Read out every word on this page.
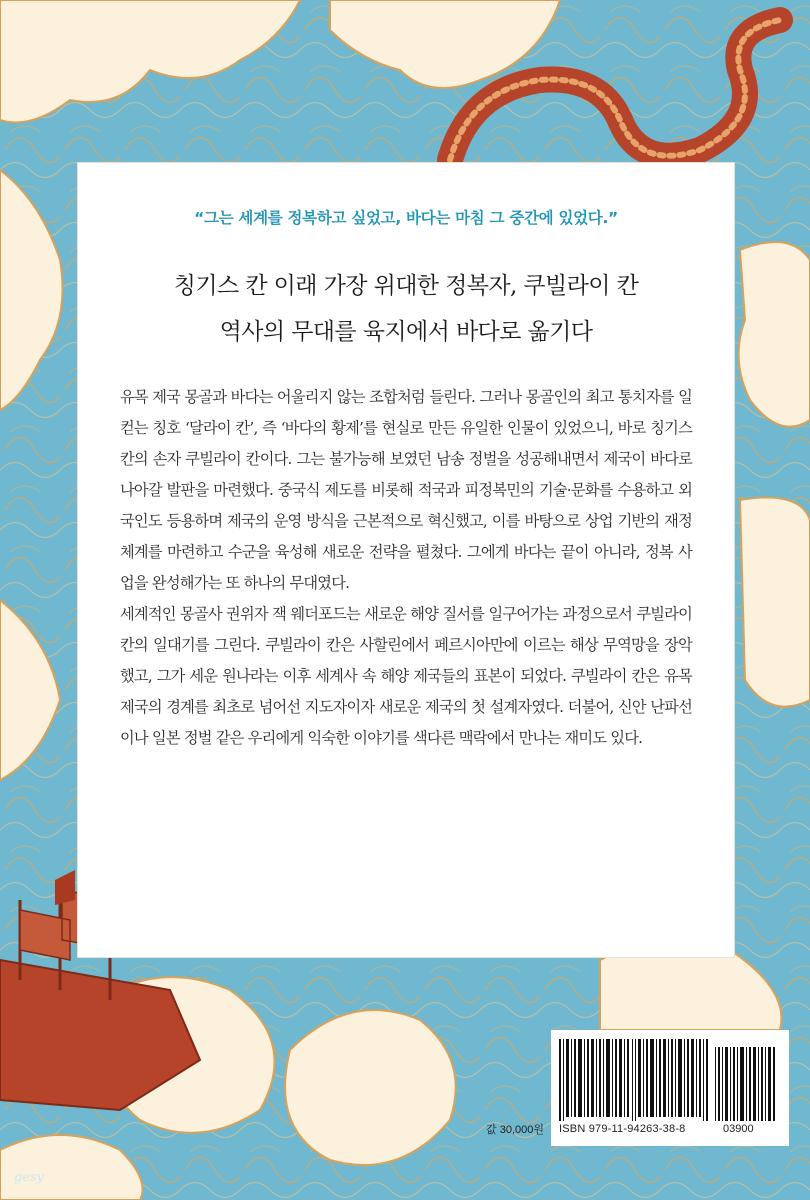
“그는 세계를 정복하고 싶었고, 바다는 마침 그 중간에 있었다.”
칭기스 칸 이래 가장 위대한 정복자, 쿠빌라이 칸
역사의 무대를 육지에서 바다로 옮기다

유목 제국 몽골과 바다는 어울리지 않는 조합처럼 들린다. 그러나 몽골인의 최고 통치자를 일컫는 칭호 ‘달라이 칸’, 즉 ‘바다의 황제’를 현실로 만든 유일한 인물이 있었으니, 바로 칭기스 칸의 손자 쿠빌라이 칸이다. 그는 불가능해 보였던 남송 정벌을 성공해내면서 제국이 바다로 나아갈 발판을 마련했다. 중국식 제도를 비롯해 적국과 피정복민의 기술·문화를 수용하고 외국인도 등용하며 제국의 운영 방식을 근본적으로 혁신했고, 이를 바탕으로 상업 기반의 재정 체계를 마련하고 수군을 육성해 새로운 전략을 펼쳤다. 그에게 바다는 끝이 아니라, 정복 사업을 완성해가는 또 하나의 무대였다.

세계적인 몽골사 권위자 잭 웨더포드는 새로운 해양 질서를 일구어가는 과정으로서 쿠빌라이 칸의 일대기를 그린다. 쿠빌라이 칸은 사할린에서 페르시아만에 이르는 해상 무역망을 장악했고, 그가 세운 원나라는 이후 세계사 속 해양 제국들의 표본이 되었다. 쿠빌라이 칸은 유목 제국의 경계를 최초로 넘어선 지도자이자 새로운 제국의 첫 설계자였다. 더불어, 신안 난파선이나 일본 정벌 같은 우리에게 익숙한 이야기를 색다른 맥락에서 만나는 재미도 있다.

ISBN 979-11-94263-38-8	03900
값 30,000원
gesy
